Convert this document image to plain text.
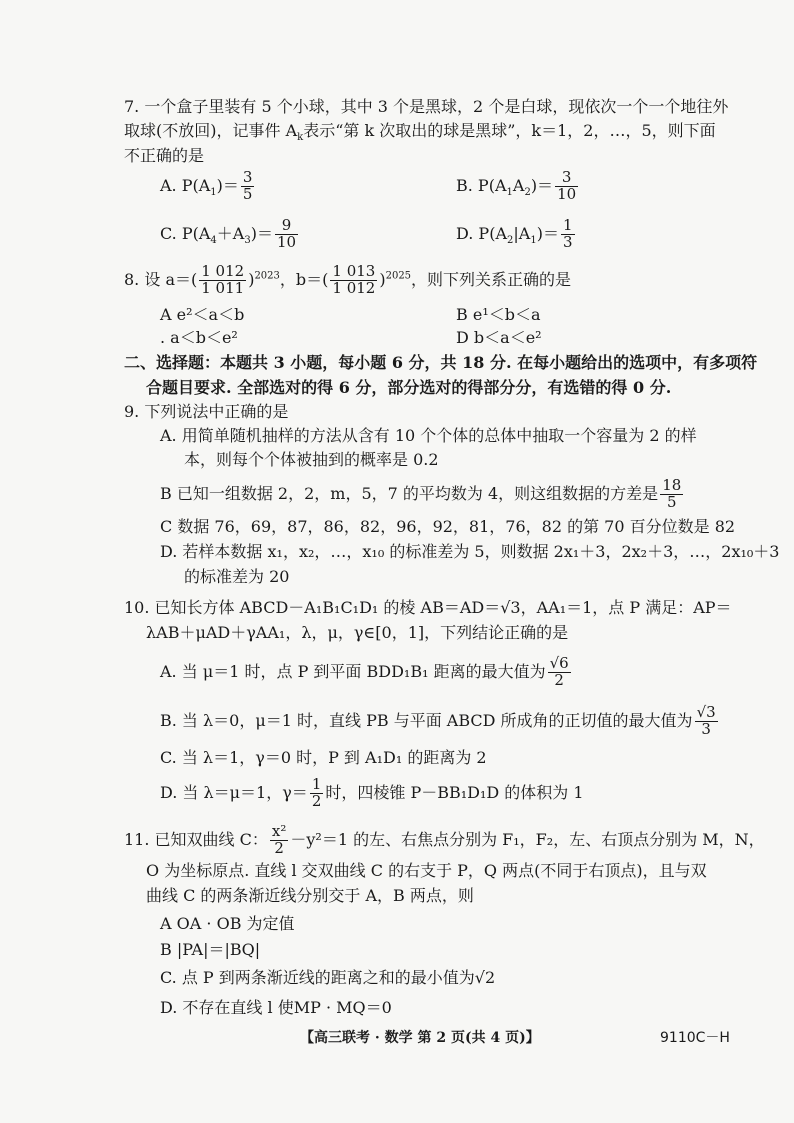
7. 一个盒子里装有 5 个小球，其中 3 个是黑球，2 个是白球，现依次一个一个地往外
取球(不放回)，记事件 $A_k$表示“第 k 次取出的球是黑球”，k＝1，2，…，5，则下面
不正确的是
A. $P(A_1)= \frac{3}{5}$	B. $P(A_1A_2)= \frac{3}{10}$
C. $P(A_4+A_3)= \frac{9}{10}$	D. $P(A_2|A_1)= \frac{1}{3}$
8. 设 $a=( \frac{1 012}{1 011} )^{2023}$，$b=( \frac{1 013}{1 012} )^{2025}$，则下列关系正确的是
A e²＜a＜b	B e¹＜b＜a
. a＜b＜e²	D b＜a＜e²
二、选择题：本题共 3 小题，每小题 6 分，共 18 分. 在每小题给出的选项中，有多项符
合题目要求. 全部选对的得 6 分，部分选对的得部分分，有选错的得 0 分.
9. 下列说法中正确的是
A. 用简单随机抽样的方法从含有 10 个个体的总体中抽取一个容量为 2 的样
本，则每个个体被抽到的概率是 0.2
B 已知一组数据 2，2，m，5，7 的平均数为 4，则这组数据的方差是 $\frac{18}{5}$
C 数据 76，69，87，86，82，96，92，81，76，82 的第 70 百分位数是 82
D. 若样本数据 x₁，x₂，…，x₁₀ 的标准差为 5，则数据 2x₁＋3，2x₂＋3，…，2x₁₀＋3
的标准差为 20
10. 已知长方体 ABCD－A₁B₁C₁D₁ 的棱 AB＝AD＝√3，AA₁＝1，点 P 满足：AP＝
λAB＋μAD＋γAA₁，λ，μ，γ∈[0，1]，下列结论正确的是
A. 当 μ＝1 时，点 P 到平面 BDD₁B₁ 距离的最大值为 $\frac{√6}{2}$
B. 当 λ＝0，μ＝1 时，直线 PB 与平面 ABCD 所成角的正切值的最大值为 $\frac{√3}{3}$
C. 当 λ＝1，γ＝0 时，P 到 A₁D₁ 的距离为 2
D. 当 λ＝μ＝1，$\gamma= \frac{1}{2}$ 时，四棱锥 P－BB₁D₁D 的体积为 1
11. 已知双曲线 C： $\frac{\text{x²}}{2} -y^2=1$ 的左、右焦点分别为 F₁，F₂，左、右顶点分别为 M，N，
O 为坐标原点. 直线 l 交双曲线 C 的右支于 P，Q 两点(不同于右顶点)，且与双
曲线 C 的两条渐近线分别交于 A，B 两点，则
A OA · OB 为定值
B |PA|＝|BQ|
C. 点 P 到两条渐近线的距离之和的最小值为√2
D. 不存在直线 l 使MP · MQ＝0
【高三联考 · 数学 第 2 页(共 4 页)】	9110C－H
